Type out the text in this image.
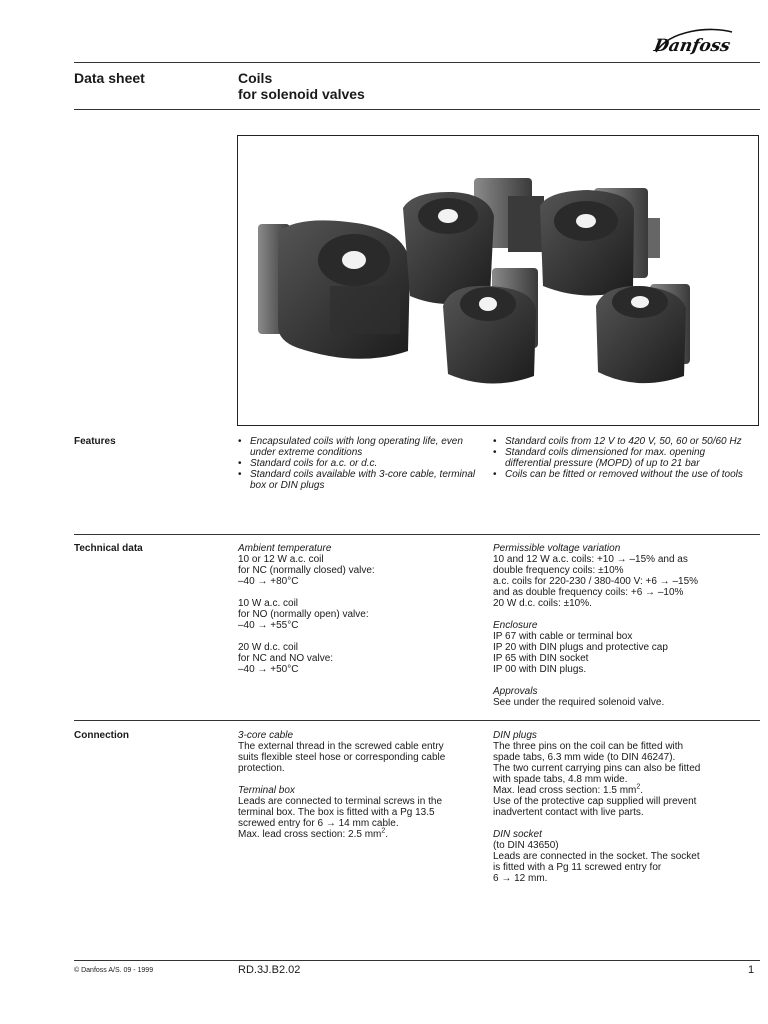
Danfoss
Data sheet	Coils
for solenoid valves
Features

•	Encapsulated coils with long operating life, even under extreme conditions

• Standard coils for a.c. or d.c.

• Standard coils available with 3-core cable, terminal box or DIN plugs

• Standard coils from 12 V to 420 V, 50, 60 or 50/60 Hz

• Standard coils dimensioned for max. opening differential pressure (MOPD) of up to 21 bar

• Coils can be fitted or removed without the use of tools

Technical data	Ambient temperature

10 or 12 W a.c. coil

for NC (normally closed) valve:

–40 → +80°C

10 W a.c. coil

for NO (normally open) valve:

–40 → +55°C

20 W d.c. coil

for NC and NO valve:

–40 → +50°C

Permissible voltage variation

10 and 12 W a.c. coils: +10 → –15% and as

double frequency coils: ±10%

a.c. coils for 220-230 / 380-400 V: +6 → –15%

and as double frequency coils: +6 → –10%

20 W d.c. coils: ±10%.

Enclosure

IP 67 with cable or terminal box

IP 20 with DIN plugs and protective cap

IP 65 with DIN socket

IP 00 with DIN plugs.

Approvals

See under the required solenoid valve.

Connection	3-core cable

The external thread in the screwed cable entry

suits flexible steel hose or corresponding cable

protection.

Terminal box

Leads are connected to terminal screws in the

terminal box. The box is fitted with a Pg 13.5

screwed entry for 6 → 14 mm cable.

Max. lead cross section: 2.5 $mm^2$.

DIN plugs

The three pins on the coil can be fitted with

spade tabs, 6.3 mm wide (to DIN 46247).

The two current carrying pins can also be fitted

with spade tabs, 4.8 mm wide.

Max. lead cross section: 1.5 $mm^2$.

Use of the protective cap supplied will prevent

inadvertent contact with live parts.

DIN socket

(to DIN 43650)

Leads are connected in the socket. The socket

is fitted with a Pg 11 screwed entry for

6 → 12 mm.

© Danfoss A/S. 09 - 1999	RD.3J.B2.02	1
